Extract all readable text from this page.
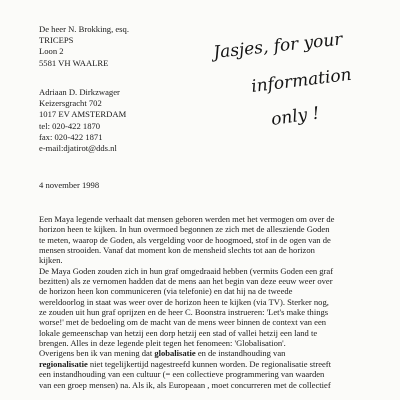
De heer N. Brokking, esq.
TRICEPS
Loon 2
5581 VH WAALRE	Jasjes, for your
information
only !
Adriaan D. Dirkzwager
Keizersgracht 702
1017 EV AMSTERDAM
tel: 020-422 1870
fax: 020-422 1871
e-mail:djatirot@dds.nl
4 november 1998

Een Maya legende verhaalt dat mensen geboren werden met het vermogen om over de
horizon heen te kijken. In hun overmoed begonnen ze zich met de allesziende Goden
te meten, waarop de Goden, als vergelding voor de hoogmoed, stof in de ogen van de
mensen strooiden. Vanaf dat moment kon de mensheid slechts tot aan de horizon
kijken.

De Maya Goden zouden zich in hun graf omgedraaid hebben (vermits Goden een graf
bezitten) als ze vernomen hadden dat de mens aan het begin van deze eeuw weer over
de horizon heen kon communiceren (via telefonie) en dat hij na de tweede
wereldoorlog in staat was weer over de horizon heen te kijken (via TV). Sterker nog,
ze zouden uit hun graf oprijzen en de heer C. Boonstra instrueren: 'Let's make things
worse!' met de bedoeling om de macht van de mens weer binnen de context van een
lokale gemeenschap van hetzij een dorp hetzij een stad of vallei hetzij een land te
brengen. Alles in deze legende pleit tegen het fenomeen: 'Globalisation'.

Overigens ben ik van mening dat globalisatie en de instandhouding van
regionalisatie niet tegelijkertijd nagestreefd kunnen worden. De regionalisatie streeft
een instandhouding van een cultuur (= een collectieve programmering van waarden
van een groep mensen) na. Als ik, als Europeaan , moet concurreren met de collectief
